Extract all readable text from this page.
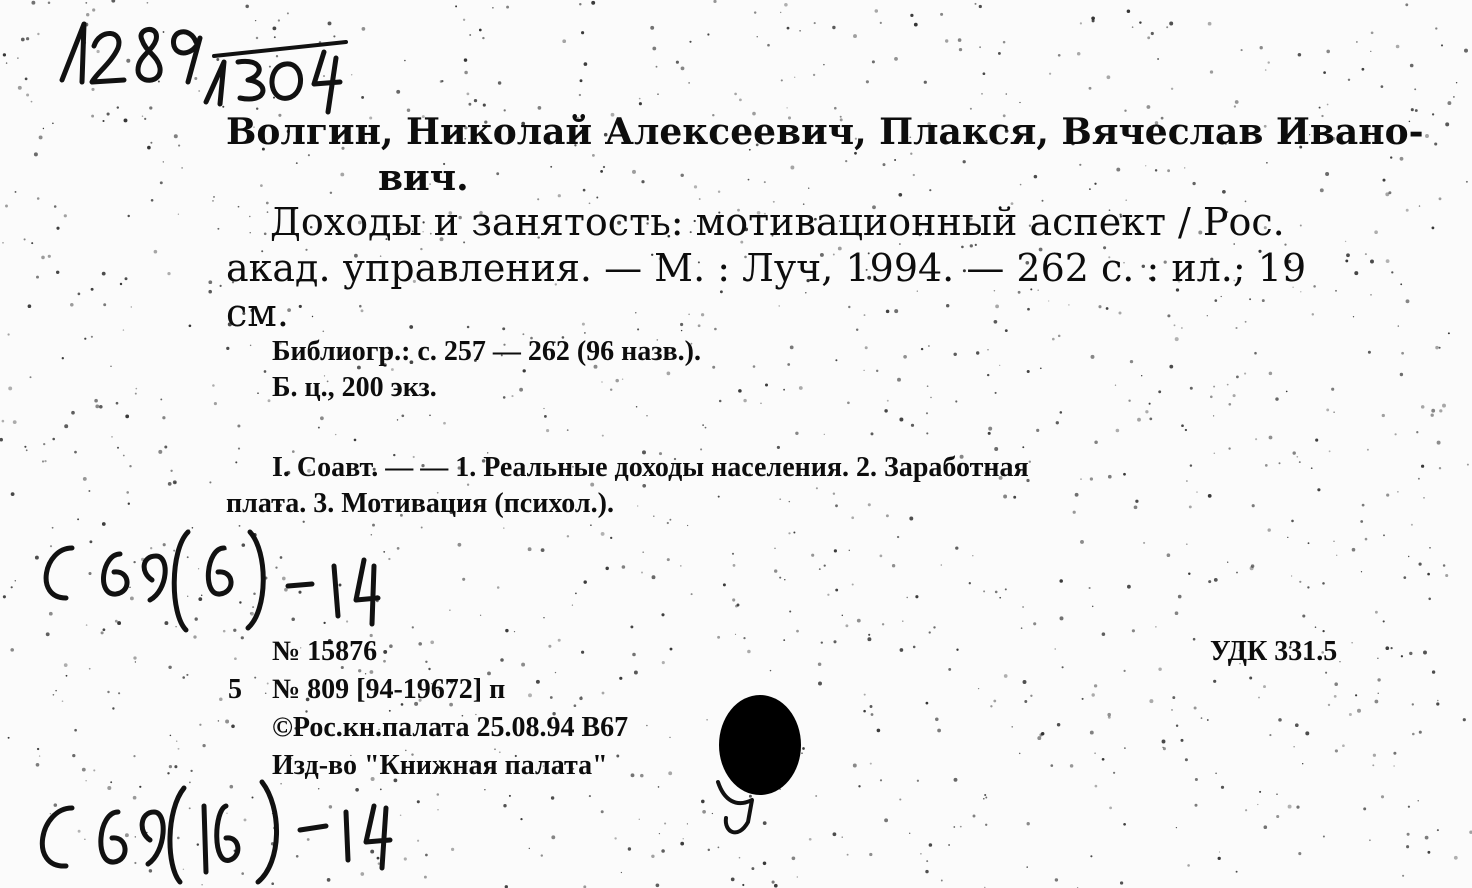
Волгин, Николай Алексеевич, Плакся, Вячеслав Ивано-
вич.
Доходы и занятость: мотивационный аспект / Рос.
акад. управления. — М. : Луч, 1994. — 262 с. : ил.; 19
см.
Библиогр.: с. 257 — 262 (96 назв.).
Б. ц., 200 экз.
I. Соавт. — — 1. Реальные доходы населения. 2. Заработная
плата. 3. Мотивация (психол.).
№ 15876	УДК 331.5
5 № 809 [94-19672] п
©Рос.кн.палата 25.08.94 В67
Изд-во "Книжная палата"
